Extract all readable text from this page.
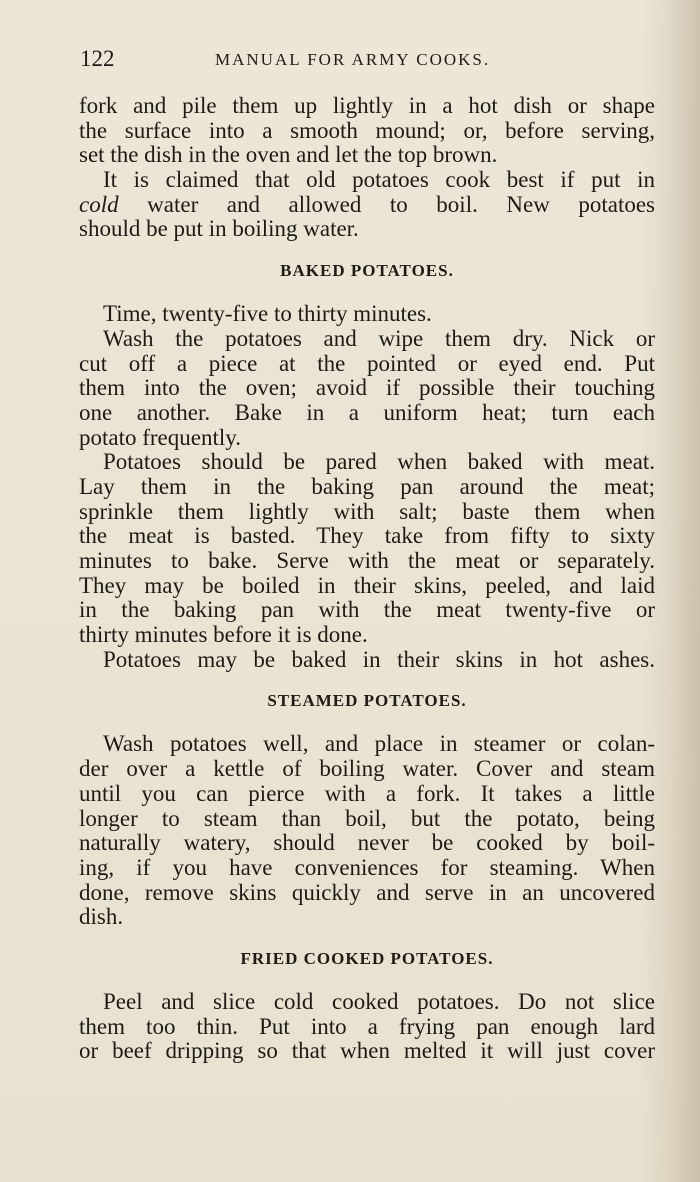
122	MANUAL FOR ARMY COOKS.
fork and pile them up lightly in a hot dish or shape
the surface into a smooth mound; or, before serving,
set the dish in the oven and let the top brown.
It is claimed that old potatoes cook best if put in
cold water and allowed to boil. New potatoes
should be put in boiling water.
BAKED POTATOES.
Time, twenty-five to thirty minutes.
Wash the potatoes and wipe them dry. Nick or
cut off a piece at the pointed or eyed end. Put
them into the oven; avoid if possible their touching
one another. Bake in a uniform heat; turn each
potato frequently.
Potatoes should be pared when baked with meat.
Lay them in the baking pan around the meat;
sprinkle them lightly with salt; baste them when
the meat is basted. They take from fifty to sixty
minutes to bake. Serve with the meat or separately.
They may be boiled in their skins, peeled, and laid
in the baking pan with the meat twenty-five or
thirty minutes before it is done.
Potatoes may be baked in their skins in hot ashes.
STEAMED POTATOES.
Wash potatoes well, and place in steamer or colan-
der over a kettle of boiling water. Cover and steam
until you can pierce with a fork. It takes a little
longer to steam than boil, but the potato, being
naturally watery, should never be cooked by boil-
ing, if you have conveniences for steaming. When
done, remove skins quickly and serve in an uncovered
dish.
FRIED COOKED POTATOES.
Peel and slice cold cooked potatoes. Do not slice
them too thin. Put into a frying pan enough lard
or beef dripping so that when melted it will just cover
